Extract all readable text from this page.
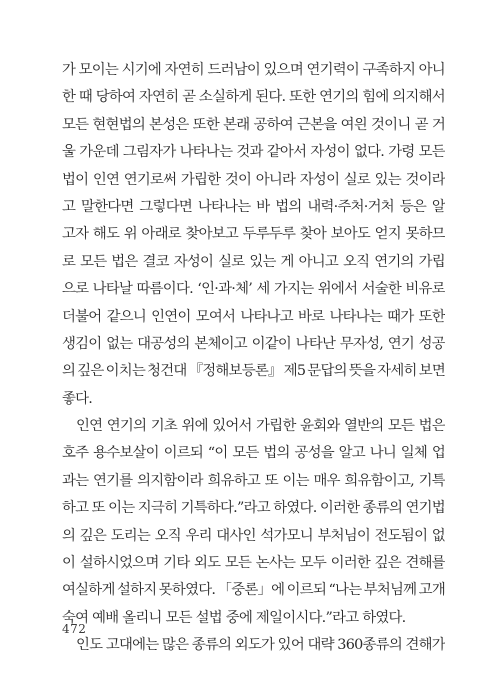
가 모이는 시기에 자연히 드러남이 있으며 연기력이 구족하지 아니
한 때 당하여 자연히 곧 소실하게 된다. 또한 연기의 힘에 의지해서
모든 현현법의 본성은 또한 본래 공하여 근본을 여읜 것이니 곧 거
울 가운데 그림자가 나타나는 것과 같아서 자성이 없다. 가령 모든
법이 인연 연기로써 가립한 것이 아니라 자성이 실로 있는 것이라
고 말한다면 그렇다면 나타나는 바 법의 내력·주처·거처 등은 알
고자 해도 위 아래로 찾아보고 두루두루 찾아 보아도 얻지 못하므
로 모든 법은 결코 자성이 실로 있는 게 아니고 오직 연기의 가립
으로 나타날 따름이다. ‘인·과·체’ 세 가지는 위에서 서술한 비유로
더불어 같으니 인연이 모여서 나타나고 바로 나타나는 때가 또한
생김이 없는 대공성의 본체이고 이같이 나타난 무자성, 연기 성공
의 깊은 이치는 청건대 『정해보등론』 제5 문답의 뜻을 자세히 보면
좋다.
인연 연기의 기초 위에 있어서 가립한 윤회와 열반의 모든 법은
호주 용수보살이 이르되 “이 모든 법의 공성을 알고 나니 일체 업
과는 연기를 의지함이라 희유하고 또 이는 매우 희유함이고, 기특
하고 또 이는 지극히 기특하다.”라고 하였다. 이러한 종류의 연기법
의 깊은 도리는 오직 우리 대사인 석가모니 부처님이 전도됨이 없
이 설하시었으며 기타 외도 모든 논사는 모두 이러한 깊은 견해를
여실하게 설하지 못하였다. 「중론」에 이르되 “나는 부처님께 고개
숙여 예배 올리니 모든 설법 중에 제일이시다.”라고 하였다.
인도 고대에는 많은 종류의 외도가 있어 대략 360종류의 견해가
472
